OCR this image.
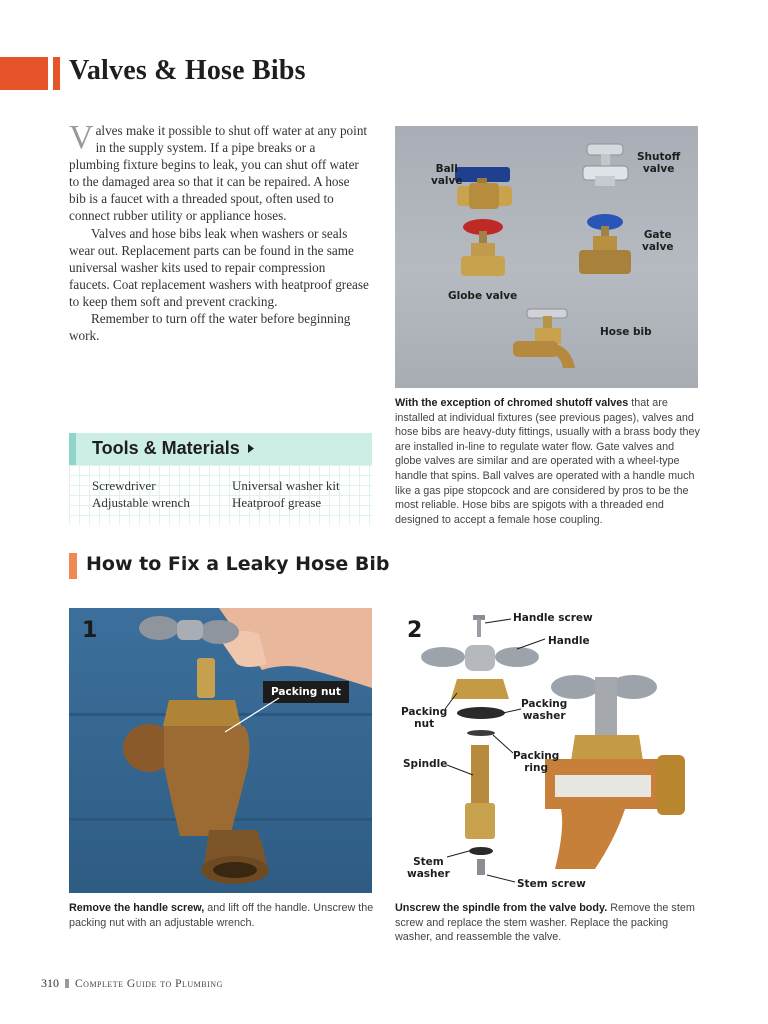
Valves & Hose Bibs

Valves make it possible to shut off water at any point in the supply system. If a pipe breaks or a plumbing fixture begins to leak, you can shut off water to the damaged area so that it can be repaired. A hose bib is a faucet with a threaded spout, often used to connect rubber utility or appliance hoses.

Valves and hose bibs leak when washers or seals wear out. Replacement parts can be found in the same universal washer kits used to repair compression faucets. Coat replacement washers with heatproof grease to keep them soft and prevent cracking.

Remember to turn off the water before beginning work.

Tools & Materials
Screwdriver	Universal washer kit
Adjustable wrench	Heatproof grease
Ball
valve
Shutoff
valve
Gate
valve
Globe valve
Hose bib
With the exception of chromed shutoff valves that are installed at individual fixtures (see previous pages), valves and hose bibs are heavy-duty fittings, usually with a brass body they are installed in-line to regulate water flow. Gate valves and globe valves are similar and are operated with a wheel-type handle that spins. Ball valves are operated with a handle much like a gas pipe stopcock and are considered by pros to be the most reliable. Hose bibs are spigots with a threaded end designed to accept a female hose coupling.
How to Fix a Leaky Hose Bib
1
Packing nut
Remove the handle screw, and lift off the handle. Unscrew the packing nut with an adjustable wrench.
2	Handle screw
Handle
Packing
nut
Packing
washer
Packing
ring
Spindle
Stem
washer
Stem screw
Unscrew the spindle from the valve body. Remove the stem screw and replace the stem washer. Replace the packing washer, and reassemble the valve.
310 Complete Guide to Plumbing
